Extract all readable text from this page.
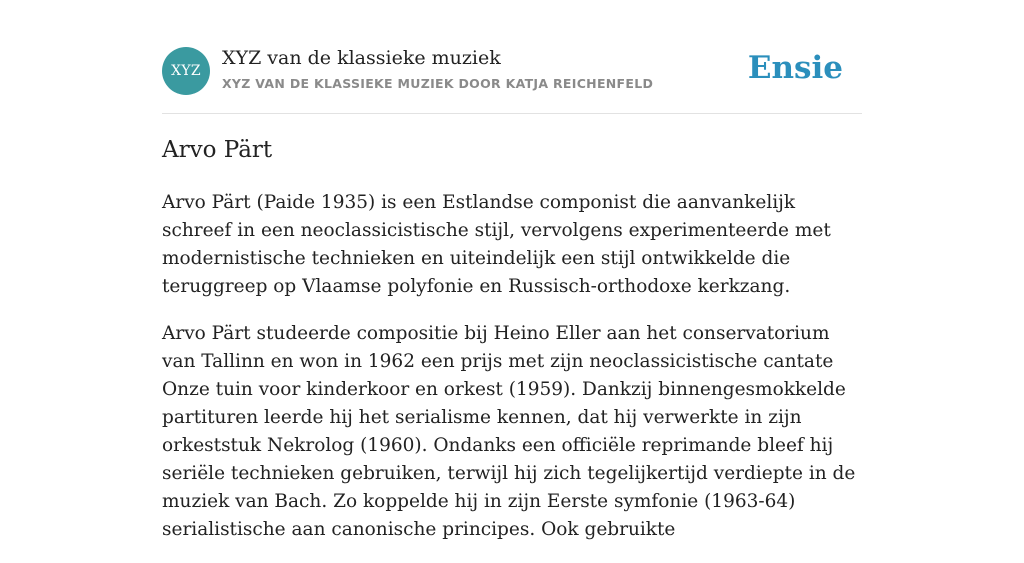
XYZ
XYZ van de klassieke muziek
XYZ VAN DE KLASSIEKE MUZIEK DOOR KATJA REICHENFELD	Ensie
Arvo Pärt

Arvo Pärt (Paide 1935) is een Estlandse componist die aanvankelijk schreef in een neoclassicistische stijl, vervolgens experimenteerde met modernistische technieken en uiteindelijk een stijl ontwikkelde die teruggreep op Vlaamse polyfonie en Russisch-orthodoxe kerkzang.

Arvo Pärt studeerde compositie bij Heino Eller aan het conservatorium van Tallinn en won in 1962 een prijs met zijn neoclassicistische cantate Onze tuin voor kinderkoor en orkest (1959). Dankzij binnengesmokkelde partituren leerde hij het serialisme kennen, dat hij verwerkte in zijn orkeststuk Nekrolog (1960). Ondanks een officiële reprimande bleef hij seriële technieken gebruiken, terwijl hij zich tegelijkertijd verdiepte in de muziek van Bach. Zo koppelde hij in zijn Eerste symfonie (1963-64) serialistische aan canonische principes. Ook gebruikte
